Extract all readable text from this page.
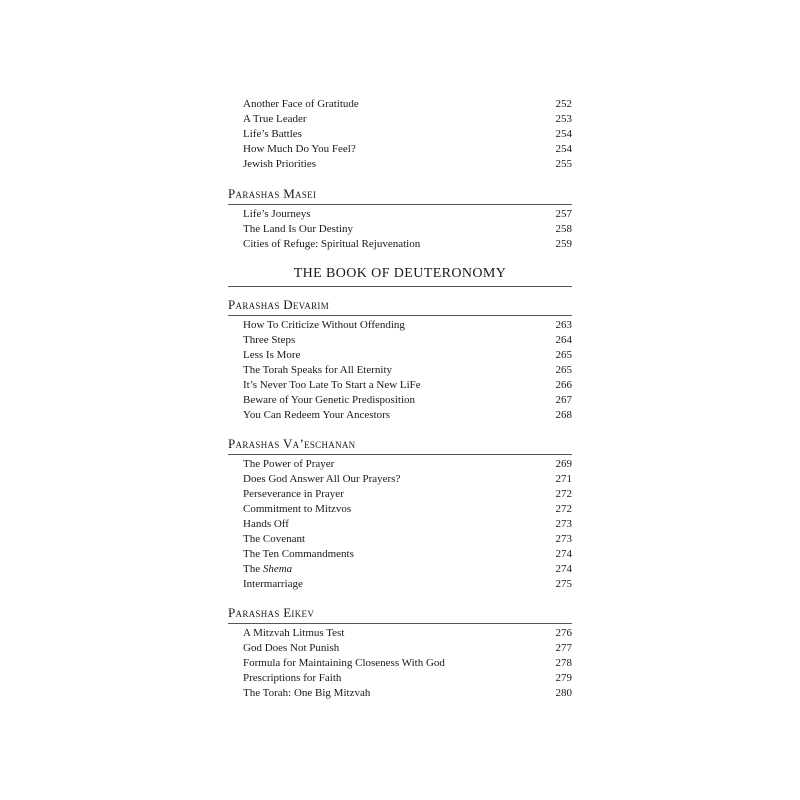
Another Face of Gratitude	252
A True Leader	253
Life’s Battles	254
How Much Do You Feel?	254
Jewish Priorities	255
Parashas Masei
Life’s Journeys	257
The Land Is Our Destiny	258
Cities of Refuge: Spiritual Rejuvenation	259
THE BOOK OF DEUTERONOMY
Parashas Devarim
How To Criticize Without Offending	263
Three Steps	264
Less Is More	265
The Torah Speaks for All Eternity	265
It’s Never Too Late To Start a New LiFe	266
Beware of Your Genetic Predisposition	267
You Can Redeem Your Ancestors	268
Parashas Va’eschanan
The Power of Prayer	269
Does God Answer All Our Prayers?	271
Perseverance in Prayer	272
Commitment to Mitzvos	272
Hands Off	273
The Covenant	273
The Ten Commandments	274
The Shema	274
Intermarriage	275
Parashas Eikev
A Mitzvah Litmus Test	276
God Does Not Punish	277
Formula for Maintaining Closeness With God	278
Prescriptions for Faith	279
The Torah: One Big Mitzvah	280
